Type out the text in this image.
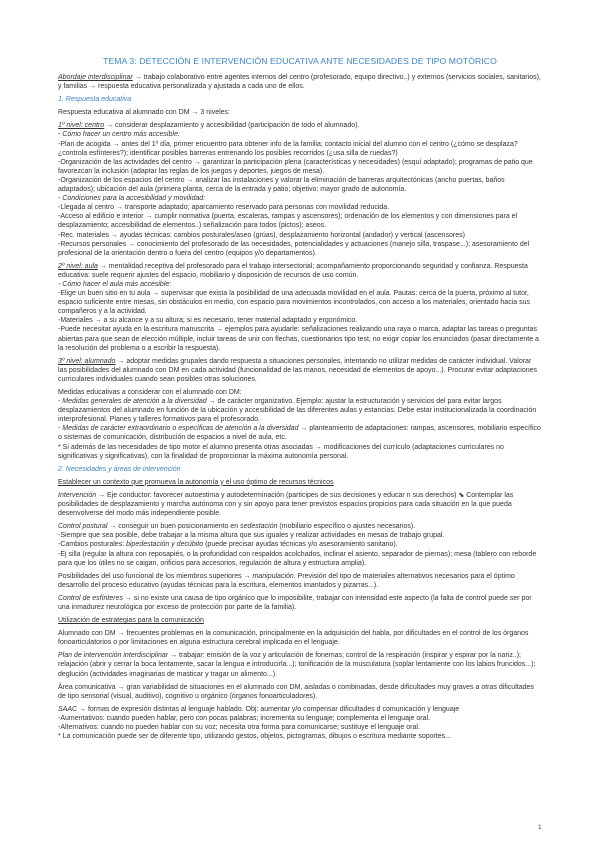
TEMA 3: DETECCIÓN E INTERVENCIÓN EDUCATIVA ANTE NECESIDADES DE TIPO MOTÓRICO

Abordaje interdisciplinar → trabajo colaborativo entre agentes internos del centro (profesorado, equipo directivo..) y externos (servicios sociales, sanitarios), y familias → respuesta educativa personalizada y ajustada a cada uno de ellos.

1. Respuesta educativa

Respuesta educativa al alumnado con DM → 3 niveles:

1º nivel: centro → considerar desplazamiento y accesibilidad (participación de todo el alumnado).

- Cómo hacer un centro más accesible:

-Plan de acogida → antes del 1º día, primer encuentro para obtener info de la familia; contacto inicial del alumno con el centro (¿cómo se desplaza? ¿controla esfínteres?); identificar posibles barreras entrenando los posibles recorridos (¿usa silla de ruedas?)
-Organización de las actividades del centro → garantizar la participación plena (características y necesidades) (esquí adaptado); programas de patio que favorezcan la inclusión (adaptar las reglas de los juegos y deportes, juegos de mesa).
-Organización de los espacios del centro → analizar las instalaciones y valorar la eliminación de barreras arquitectónicas (ancho puertas, baños adaptados); ubicación del aula (primera planta, cerca de la entrada y patio; objetivo: mayor grado de autonomía.

- Condiciones para la accesibilidad y movilidad:

-Llegada al centro → transporte adaptado; aparcamiento reservado para personas con movilidad reducida.
-Acceso al edificio e interior → cumplir normativa (puerta, escaleras, rampas y ascensores); ordenación de los elementos y con dimensiones para el desplazamiento; accesibilidad de elementos..) señalización para todos (pictos); aseos.
-Rec. materiales → ayudas técnicas: cambios posturales/aseo (grúas), desplazamiento horizontal (andador) y vertical (ascensores)
-Recursos personales → conocimiento del profesorado de las necesidades, potencialidades y actuaciones (manejo silla, traspase...); asesoramiento del profesional de la orientación dentro o fuera del centro (equipos y/o departamentos).

2º nivel: aula → mentalidad receptiva del profesorado para el trabajo intersectorial; acompañamiento proporcionando seguridad y confianza. Respuesta educativa: suele requerir ajustes del espacio, mobiliario y disposición de recursos de uso común.

- Cómo hacer el aula más accesible:

-Elige un buen sitio en tu aula → supervisar que exista la posibilidad de una adecuada movilidad en el aula. Pautas: cerca de la puerta, próximo al tutor, espacio suficiente entre mesas, sin obstáculos en medio, con espacio para movimientos incontrolados, con acceso a los materiales, orientado hacia sus compañeros y a la actividad.
-Materiales → a su alcance y a su altura; si es necesario, tener material adaptado y ergonómico.
-Puede necesitar ayuda en la escritura manuscrita → ejemplos para ayudarle: señalizaciones realizando una raya o marca, adaptar las tareas o preguntas abiertas para que sean de elección múltiple, incluir tareas de unir con flechas, cuestionarios tipo test, no exigir copiar los enunciados (pasar directamente a la resolución del problema o a escribir la respuesta).

3º nivel: alumnado → adoptar medidas grupales dando respuesta a situaciones personales, intentando no utilizar medidas de carácter individual. Valorar las posibilidades del alumnado con DM en cada actividad (funcionalidad de las manos, necesidad de elementos de apoyo...). Procurar evitar adaptaciones curriculares individuales cuando sean posibles otras soluciones.

Medidas educativas a considerar con el alumnado con DM:

- Medidas generales de atención a la diversidad → de carácter organizativo. Ejemplo: ajustar la estructuración y servicios del para evitar largos desplazamientos del alumnado en función de la ubicación y accesibilidad de las diferentes aulas y estancias. Debe estar institucionalizada la coordinación interprofesional. Planes y talleres formativos para el profesorado.

- Medidas de carácter extraordinario o específicas de atención a la diversidad → planteamiento de adaptaciones: rampas, ascensores, mobiliario específico o sistemas de comunicación, distribución de espacios a nivel de aula, etc.

* Si además de las necesidades de tipo motor el alumno presenta otras asociadas → modificaciones del currículo (adaptaciones curriculares no significativas y significativas), con la finalidad de proporcionar la máxima autonomía personal.

2. Necesidades y áreas de intervención

Establecer un contexto que promueva la autonomía y el uso óptimo de recursos técnicos

Intervención → Eje conductor: favorecer autoestima y autodeterminación (participes de sus decisiones y educar n sus derechos) ⬊ Contemplar las posibilidades de desplazamiento y marcha autónoma con y sin apoyo para tener previstos espacios propicios para cada situación en la que pueda desenvolverse del modo más independiente posible.

Control postural → conseguir un buen posicionamiento en sedestación (mobiliario específico o ajustes necesarios).

-Siempre que sea posible, debe trabajar a la misma altura que sus iguales y realizar actividades en mesas de trabajo grupal.
-Cambios posturales: bipedestación y decúbito (puede precisar ayudas técnicas y/o asesoramiento sanitario).
-Ej silla (regular la altura con reposapiés, o la profundidad con respaldos acolchados, inclinar el asiento, separador de piernas); mesa (tablero con reborde para que los útiles no se caigan, orificios para accesorios, regulación de altura y estructura amplia).

Posibilidades del uso funcional de los miembros superiores → manipulación. Previsión del tipo de materiales alternativos necesarios para el óptimo desarrollo del proceso educativo (ayudas técnicas para la escritura, elementos imantados y pizarras...).

Control de esfínteres → si no existe una causa de tipo orgánico que lo imposibilite, trabajar con intensidad este aspecto (la falta de control puede ser por una inmadurez neurológica por exceso de protección por parte de la familia).

Utilización de estrategias para la comunicación

Alumnado con DM → frecuentes problemas en la comunicación, principalmente en la adquisición del habla, por dificultades en el control de los órganos fonoarticulatorios o por limitaciones en alguna estructura cerebral implicada en el lenguaje.

Plan de intervención interdisciplinar → trabajar: emisión de la voz y articulación de fonemas; control de la respiración (inspirar y espirar por la nariz..); relajación (abrir y cerrar la boca lentamente, sacar la lengua e introducirla...); tonificación de la musculatura (soplar lentamente con los labios fruncidos...); deglución (actividades imaginarias de masticar y tragar un alimento...).

Área comunicativa → gran variabilidad de situaciones en el alumnado con DM, aisladas o combinadas, desde dificultades muy graves a otras dificultades de tipo sensorial (visual, auditivo), cognitivo u orgánico (órganos fonoarticuladores).

SAAC → formas de expresión distintas al lenguaje hablado. Obj: aumentar y/o compensar dificultades d comunicación y lenguaje
-Aumentativos: cuando pueden hablar, pero con pocas palabras; incrementa su lenguaje; complementa el lenguaje oral.
-Alternativos: cuando no pueden hablar con su voz; necesita otra forma para comunicarse; sustituye el lenguaje oral.
* La comunicación puede ser de diferente tipo, utilizando gestos, objetos, pictogramas, dibujos o escritura mediante soportes...

1
